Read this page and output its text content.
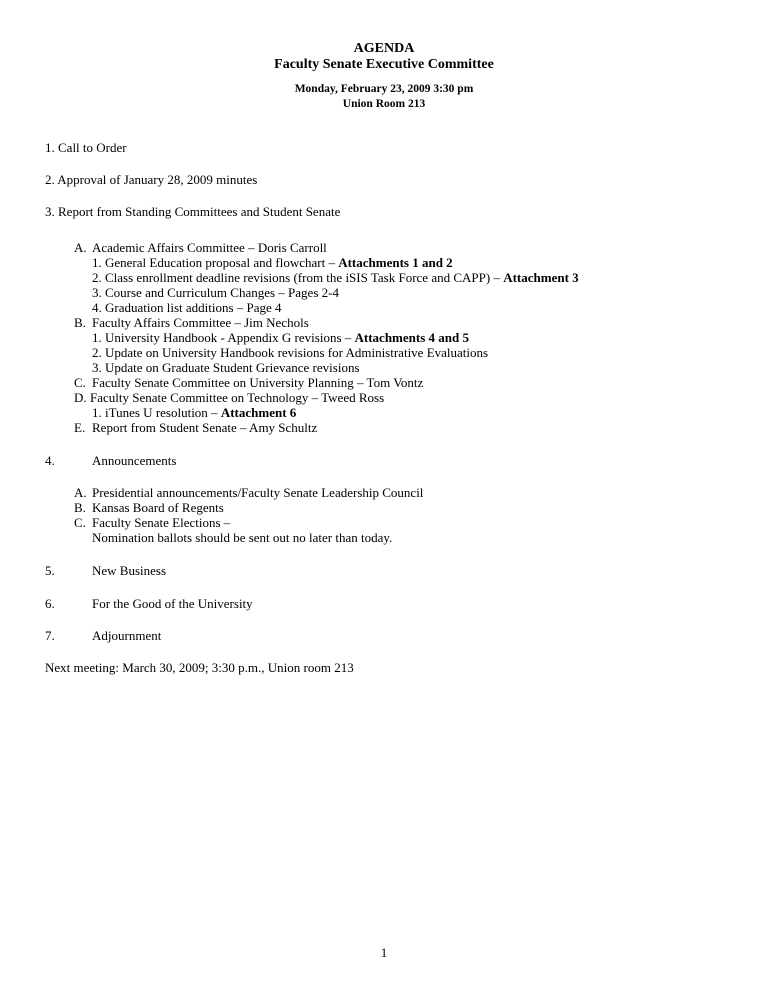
AGENDA
Faculty Senate Executive Committee
Monday, February 23, 2009 3:30 pm
Union Room 213
1. Call to Order
2. Approval of January 28, 2009 minutes
3. Report from Standing Committees and Student Senate
A. Academic Affairs Committee – Doris Carroll
1. General Education proposal and flowchart – Attachments 1 and 2
2. Class enrollment deadline revisions (from the iSIS Task Force and CAPP) – Attachment 3
3. Course and Curriculum Changes – Pages 2-4
4. Graduation list additions – Page 4
B. Faculty Affairs Committee – Jim Nechols
1. University Handbook - Appendix G revisions – Attachments 4 and 5
2. Update on University Handbook revisions for Administrative Evaluations
3. Update on Graduate Student Grievance revisions
C. Faculty Senate Committee on University Planning – Tom Vontz
D. Faculty Senate Committee on Technology – Tweed Ross
1. iTunes U resolution – Attachment 6
E. Report from Student Senate – Amy Schultz
4.	Announcements
A. Presidential announcements/Faculty Senate Leadership Council
B. Kansas Board of Regents
C. Faculty Senate Elections –
Nomination ballots should be sent out no later than today.
5.	New Business
6.	For the Good of the University
7.	Adjournment
Next meeting: March 30, 2009; 3:30 p.m., Union room 213
1
